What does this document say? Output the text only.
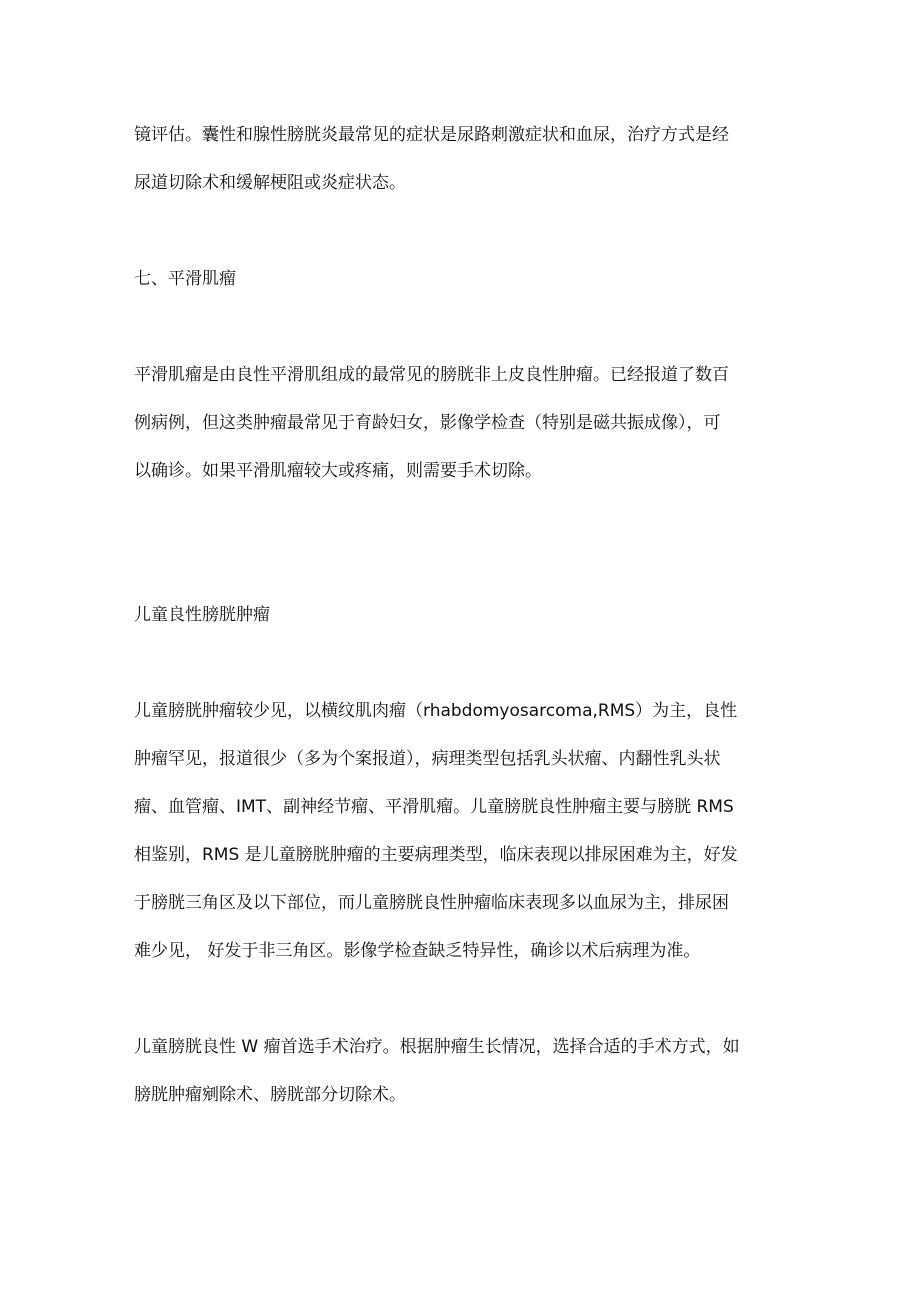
镜评估。囊性和腺性膀胱炎最常见的症状是尿路刺激症状和血尿，治疗方式是经
尿道切除术和缓解梗阻或炎症状态。

七、平滑肌瘤

平滑肌瘤是由良性平滑肌组成的最常见的膀胱非上皮良性肿瘤。已经报道了数百
例病例，但这类肿瘤最常见于育龄妇女，影像学检查（特别是磁共振成像），可
以确诊。如果平滑肌瘤较大或疼痛，则需要手术切除。

儿童良性膀胱肿瘤

儿童膀胱肿瘤较少见，以横纹肌肉瘤（rhabdomyosarcoma,RMS）为主，良性
肿瘤罕见，报道很少（多为个案报道），病理类型包括乳头状瘤、内翻性乳头状
瘤、血管瘤、IMT、副神经节瘤、平滑肌瘤。儿童膀胱良性肿瘤主要与膀胱 RMS
相鉴别，RMS 是儿童膀胱肿瘤的主要病理类型，临床表现以排尿困难为主，好发
于膀胱三角区及以下部位，而儿童膀胱良性肿瘤临床表现多以血尿为主，排尿困
难少见， 好发于非三角区。影像学检查缺乏特异性，确诊以术后病理为准。

儿童膀胱良性 W 瘤首选手术治疗。根据肿瘤生长情况，选择合适的手术方式，如
膀胱肿瘤剜除术、膀胱部分切除术。
